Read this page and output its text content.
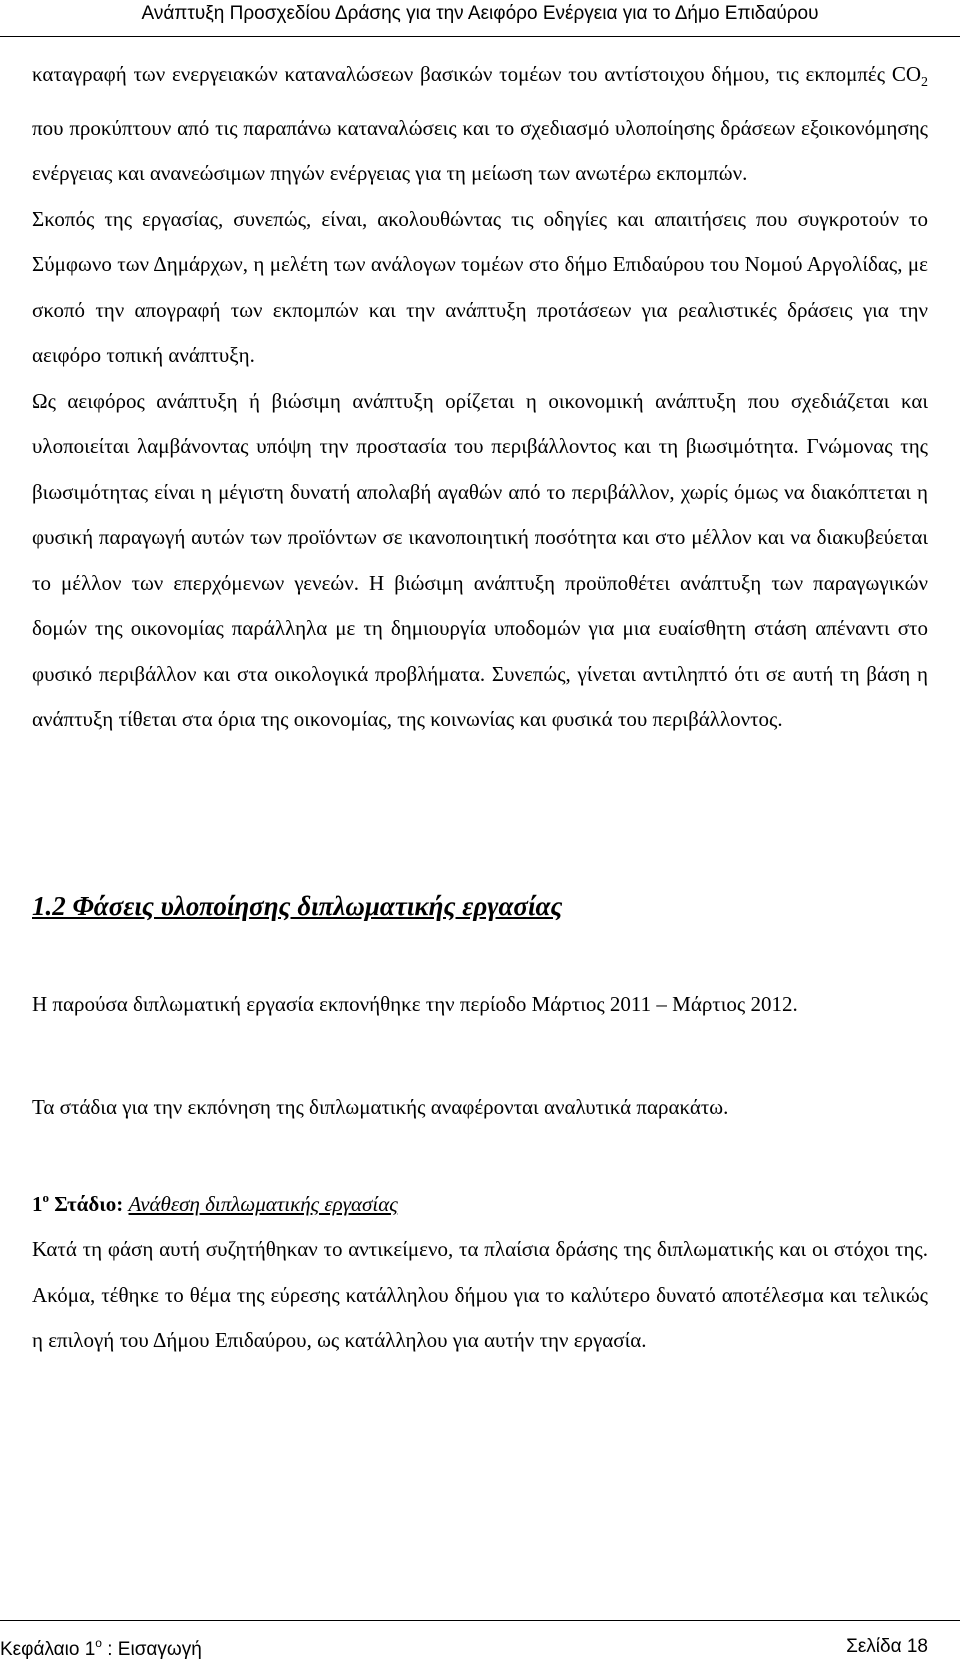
Ανάπτυξη Προσχεδίου Δράσης για την Αειφόρο Ενέργεια για το Δήμο Επιδαύρου

καταγραφή των ενεργειακών καταναλώσεων βασικών τομέων του αντίστοιχου δήμου, τις εκπομπές $CO_2$ που προκύπτουν από τις παραπάνω καταναλώσεις και το σχεδιασμό υλοποίησης δράσεων εξοικονόμησης ενέργειας και ανανεώσιμων πηγών ενέργειας για τη μείωση των ανωτέρω εκπομπών.

Σκοπός της εργασίας, συνεπώς, είναι, ακολουθώντας τις οδηγίες και απαιτήσεις που συγκροτούν το Σύμφωνο των Δημάρχων, η μελέτη των ανάλογων τομέων στο δήμο Επιδαύρου του Νομού Αργολίδας, με σκοπό την απογραφή των εκπομπών και την ανάπτυξη προτάσεων για ρεαλιστικές δράσεις για την αειφόρο τοπική ανάπτυξη.

Ως αειφόρος ανάπτυξη ή βιώσιμη ανάπτυξη ορίζεται η οικονομική ανάπτυξη που σχεδιάζεται και υλοποιείται λαμβάνοντας υπόψη την προστασία του περιβάλλοντος και τη βιωσιμότητα. Γνώμονας της βιωσιμότητας είναι η μέγιστη δυνατή απολαβή αγαθών από το περιβάλλον, χωρίς όμως να διακόπτεται η φυσική παραγωγή αυτών των προϊόντων σε ικανοποιητική ποσότητα και στο μέλλον και να διακυβεύεται το μέλλον των επερχόμενων γενεών. Η βιώσιμη ανάπτυξη προϋποθέτει ανάπτυξη των παραγωγικών δομών της οικονομίας παράλληλα με τη δημιουργία υποδομών για μια ευαίσθητη στάση απέναντι στο φυσικό περιβάλλον και στα οικολογικά προβλήματα. Συνεπώς, γίνεται αντιληπτό ότι σε αυτή τη βάση η ανάπτυξη τίθεται στα όρια της οικονομίας, της κοινωνίας και φυσικά του περιβάλλοντος.

1.2 Φάσεις υλοποίησης διπλωματικής εργασίας

Η παρούσα διπλωματική εργασία εκπονήθηκε την περίοδο Μάρτιος 2011 – Μάρτιος 2012.

Τα στάδια για την εκπόνηση της διπλωματικής αναφέρονται αναλυτικά παρακάτω.

$1^o$ Στάδιο: Ανάθεση διπλωματικής εργασίας

Κατά τη φάση αυτή συζητήθηκαν το αντικείμενο, τα πλαίσια δράσης της διπλωματικής και οι στόχοι της. Ακόμα, τέθηκε το θέμα της εύρεσης κατάλληλου δήμου για το καλύτερο δυνατό αποτέλεσμα και τελικώς η επιλογή του Δήμου Επιδαύρου, ως κατάλληλου για αυτήν την εργασία.

Κεφάλαιο $1^o$ : Εισαγωγή	Σελίδα 18
